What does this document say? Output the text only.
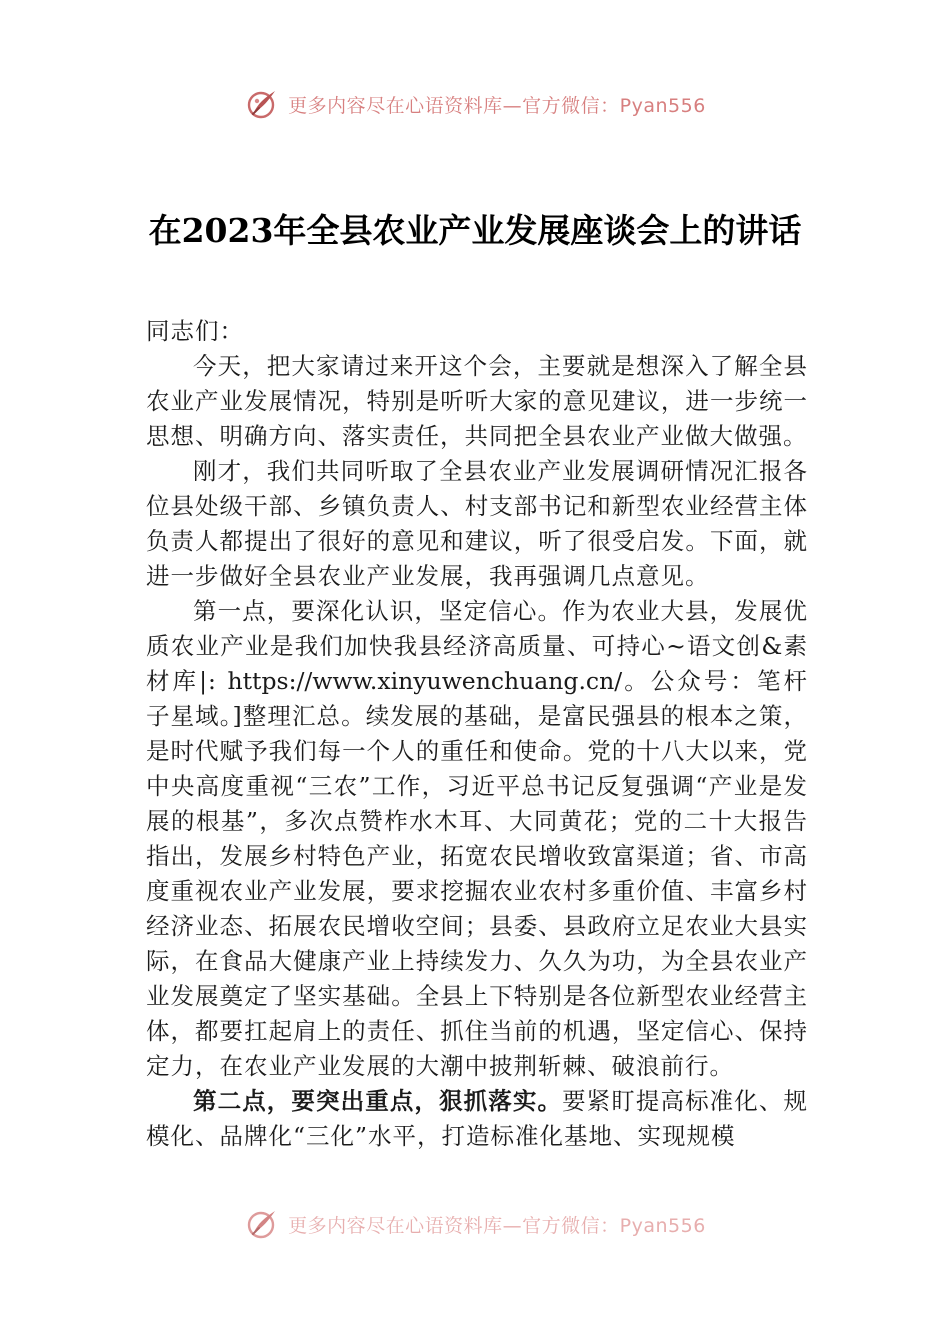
更多内容尽在心语资料库—官方微信：Pyan556
在2023年全县农业产业发展座谈会上的讲话

同志们：

今天，把大家请过来开这个会，主要就是想深入了解全县农业产业发展情况，特别是听听大家的意见建议，进一步统一思想、明确方向、落实责任，共同把全县农业产业做大做强。

刚才，我们共同听取了全县农业产业发展调研情况汇报各位县处级干部、乡镇负责人、村支部书记和新型农业经营主体负责人都提出了很好的意见和建议，听了很受启发。下面，就进一步做好全县农业产业发展，我再强调几点意见。

第一点，要深化认识，坚定信心。作为农业大县，发展优质农业产业是我们加快我县经济高质量、可持心~语文创&素材库|: https://www.xinyuwenchuang.cn/。公众号：笔杆子星域。]整理汇总。续发展的基础，是富民强县的根本之策，是时代赋予我们每一个人的重任和使命。党的十八大以来，党中央高度重视“三农”工作，习近平总书记反复强调“产业是发展的根基”，多次点赞柞水木耳、大同黄花；党的二十大报告指出，发展乡村特色产业，拓宽农民增收致富渠道；省、市高度重视农业产业发展，要求挖掘农业农村多重价值、丰富乡村经济业态、拓展农民增收空间；县委、县政府立足农业大县实际，在食品大健康产业上持续发力、久久为功，为全县农业产业发展奠定了坚实基础。全县上下特别是各位新型农业经营主体，都要扛起肩上的责任、抓住当前的机遇，坚定信心、保持定力，在农业产业发展的大潮中披荆斩棘、破浪前行。

第二点，要突出重点，狠抓落实。要紧盯提高标准化、规模化、品牌化“三化”水平，打造标准化基地、实现规模

更多内容尽在心语资料库—官方微信：Pyan556
